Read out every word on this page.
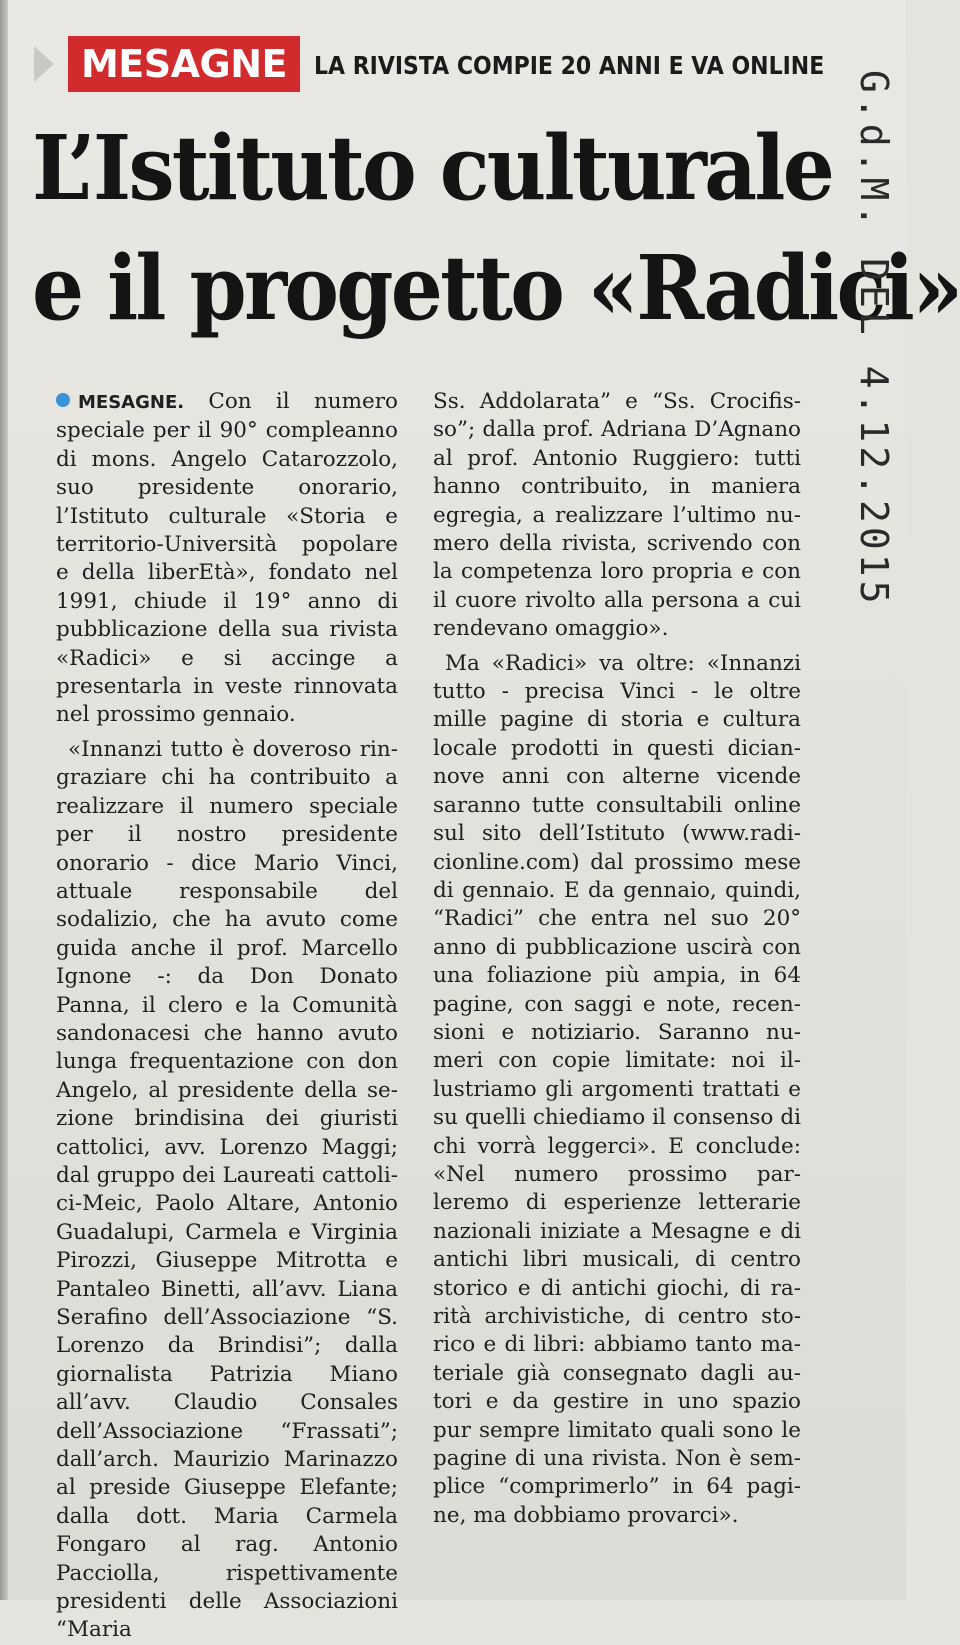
MESAGNE	LA RIVISTA COMPIE 20 ANNI E VA ONLINE
L’Istituto culturale
e il progetto «Radici»

MESAGNE. Con il numero speciale per il 90° compleanno di mons. Angelo Catarozzolo, suo presidente onorario, l’Istituto culturale «Storia e territorio-Università popolare e della liberEtà», fondato nel 1991, chiude il 19° anno di pubblicazione della sua rivista «Radici» e si accinge a presentarla in veste rinnovata nel prossimo gennaio.

«Innanzi tutto è doveroso ringraziare chi ha contribuito a realizzare il numero speciale per il nostro presidente onorario - dice Mario Vinci, attuale responsabile del sodalizio, che ha avuto come guida anche il prof. Marcello Ignone -: da Don Donato Panna, il clero e la Comunità sandonacesi che hanno avuto lunga frequentazione con don Angelo, al presidente della sezione brindisina dei giuristi cattolici, avv. Lorenzo Maggi; dal gruppo dei Laureati cattolici-Meic, Paolo Altare, Antonio Guadalupi, Carmela e Virginia Pirozzi, Giuseppe Mitrotta e Pantaleo Binetti, all’avv. Liana Serafino dell’Associazione “S. Lorenzo da Brindisi”; dalla giornalista Patrizia Miano all’avv. Claudio Consales dell’Associazione “Frassati”; dall’arch. Maurizio Marinazzo al preside Giuseppe Elefante; dalla dott. Maria Carmela Fongaro al rag. Antonio Pacciolla, rispettivamente presidenti delle Associazioni “Maria

Ss. Addolarata” e “Ss. Crocifisso”; dalla prof. Adriana D’Agnano al prof. Antonio Ruggiero: tutti hanno contribuito, in maniera egregia, a realizzare l’ultimo numero della rivista, scrivendo con la competenza loro propria e con il cuore rivolto alla persona a cui rendevano omaggio».

Ma «Radici» va oltre: «Innanzi tutto - precisa Vinci - le oltre mille pagine di storia e cultura locale prodotti in questi diciannove anni con alterne vicende saranno tutte consultabili online sul sito dell’Istituto (www.radicionline.com) dal prossimo mese di gennaio. E da gennaio, quindi, “Radici” che entra nel suo 20° anno di pubblicazione uscirà con una foliazione più ampia, in 64 pagine, con saggi e note, recensioni e notiziario. Saranno numeri con copie limitate: noi illustriamo gli argomenti trattati e su quelli chiediamo il consenso di chi vorrà leggerci». E conclude: «Nel numero prossimo parleremo di esperienze letterarie nazionali iniziate a Mesagne e di antichi libri musicali, di centro storico e di antichi giochi, di rarità archivistiche, di centro storico e di libri: abbiamo tanto materiale già consegnato dagli autori e da gestire in uno spazio pur sempre limitato quali sono le pagine di una rivista. Non è semplice “comprimerlo” in 64 pagine, ma dobbiamo provarci».

G.d.M. DEL 4.12.2015
